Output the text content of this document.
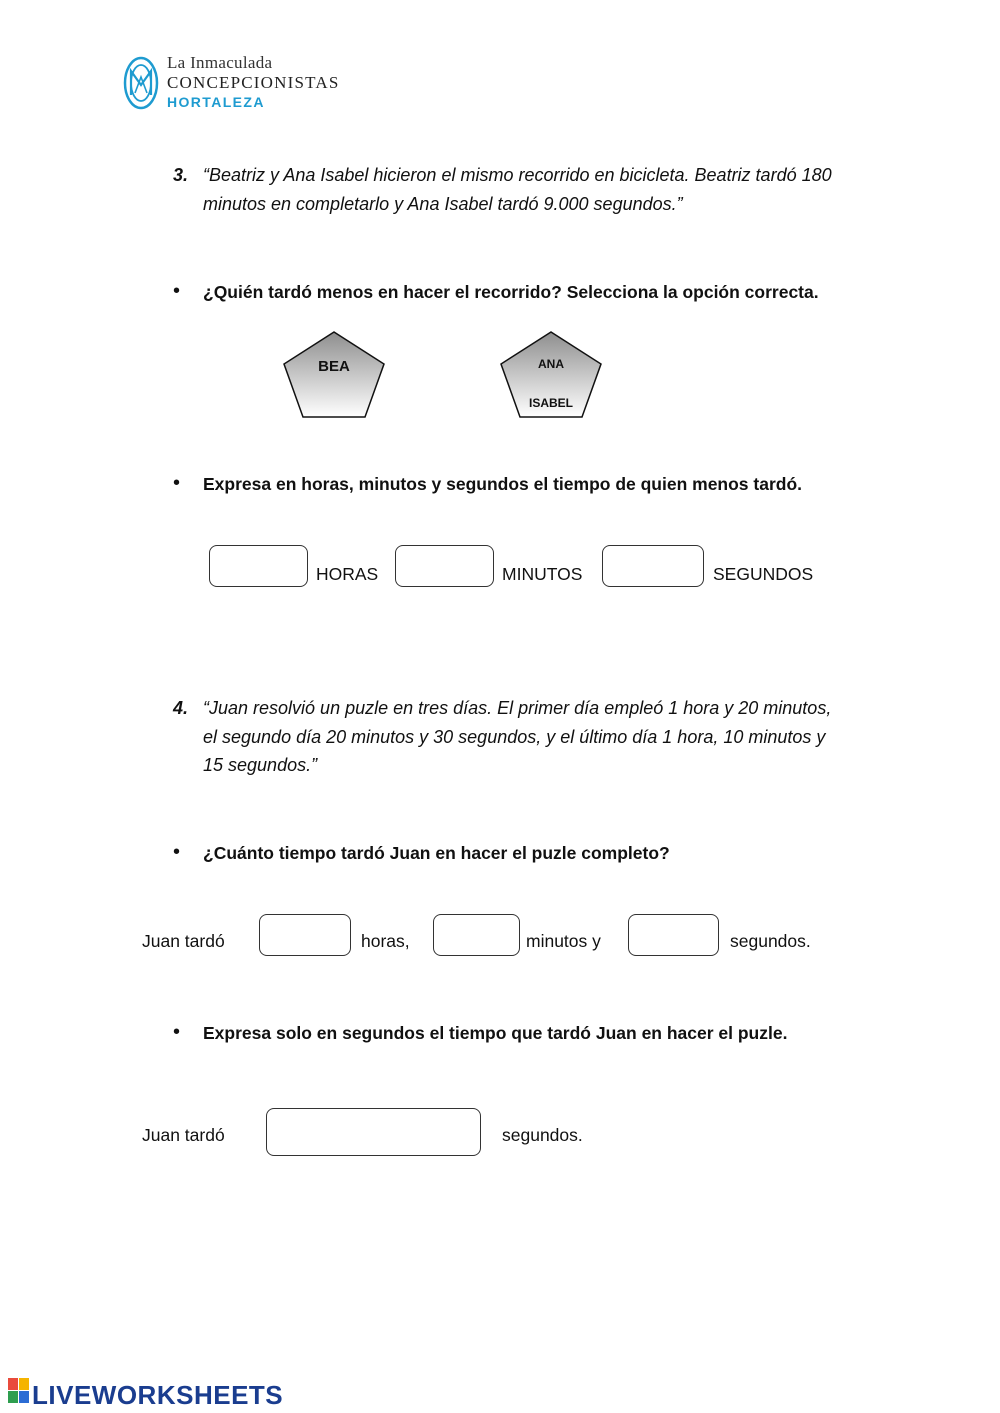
La Inmaculada
CONCEPCIONISTAS
HORTALEZA
3. “Beatriz y Ana Isabel hicieron el mismo recorrido en bicicleta. Beatriz tardó 180
minutos en completarlo y Ana Isabel tardó 9.000 segundos.”
• ¿Quién tardó menos en hacer el recorrido? Selecciona la opción correcta.
BEA	ANA
ISABEL
• Expresa en horas, minutos y segundos el tiempo de quien menos tardó.
HORAS	MINUTOS	SEGUNDOS
4. “Juan resolvió un puzle en tres días. El primer día empleó 1 hora y 20 minutos,
el segundo día 20 minutos y 30 segundos, y el último día 1 hora, 10 minutos y
15 segundos.”
• ¿Cuánto tiempo tardó Juan en hacer el puzle completo?
Juan tardó	horas,	minutos y	segundos.
• Expresa solo en segundos el tiempo que tardó Juan en hacer el puzle.
Juan tardó	segundos.
LIVEWORKSHEETS
